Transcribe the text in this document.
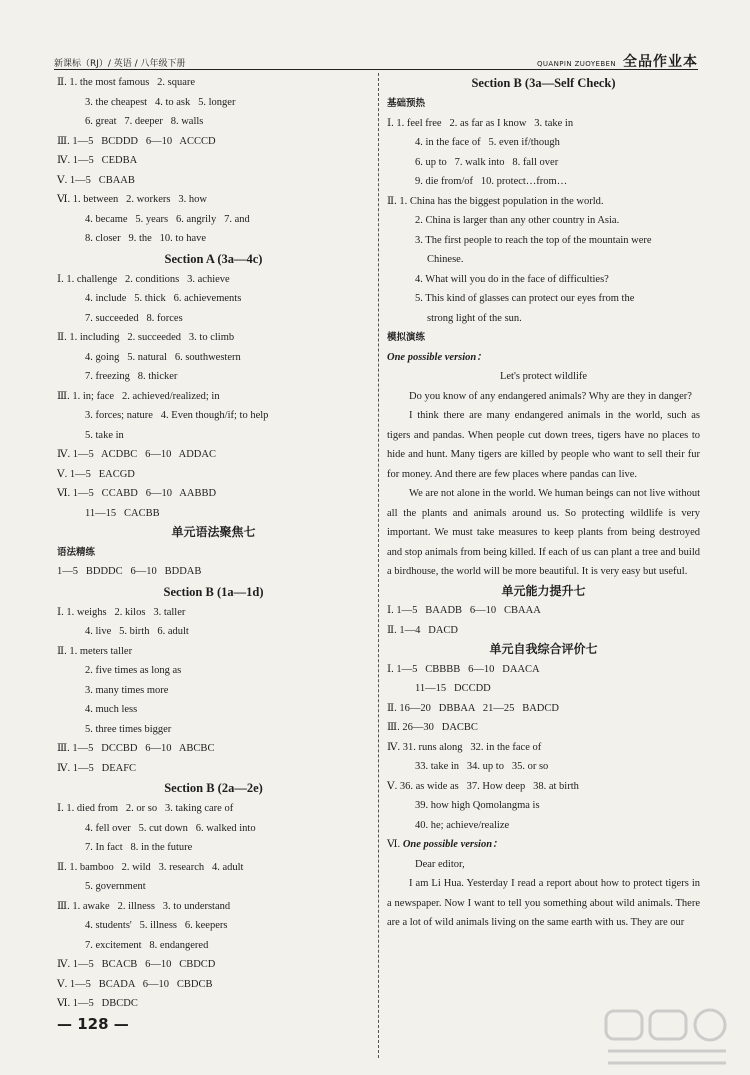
新课标（RJ）/ 英语 / 八年级下册	QUANPIN ZUOYEBEN 全品作业本
Ⅱ. 1. the most famous   2. square
3. the cheapest   4. to ask   5. longer
6. great   7. deeper   8. walls
Ⅲ. 1—5   BCDDD   6—10   ACCCD
Ⅳ. 1—5   CEDBA
Ⅴ. 1—5   CBAAB
Ⅵ. 1. between   2. workers   3. how
4. became   5. years   6. angrily   7. and
8. closer   9. the   10. to have
Section A (3a—4c)
Ⅰ. 1. challenge   2. conditions   3. achieve
4. include   5. thick   6. achievements
7. succeeded   8. forces
Ⅱ. 1. including   2. succeeded   3. to climb
4. going   5. natural   6. southwestern
7. freezing   8. thicker
Ⅲ. 1. in; face   2. achieved/realized; in
3. forces; nature   4. Even though/if; to help
5. take in
Ⅳ. 1—5   ACDBC   6—10   ADDAC
Ⅴ. 1—5   EACGD
Ⅵ. 1—5   CCABD   6—10   AABBD
11—15   CACBB
单元语法聚焦七
语法精练
1—5   BDDDC   6—10   BDDAB
Section B (1a—1d)
Ⅰ. 1. weighs   2. kilos   3. taller
4. live   5. birth   6. adult
Ⅱ. 1. meters taller
2. five times as long as
3. many times more
4. much less
5. three times bigger
Ⅲ. 1—5   DCCBD   6—10   ABCBC
Ⅳ. 1—5   DEAFC
Section B (2a—2e)
Ⅰ. 1. died from   2. or so   3. taking care of
4. fell over   5. cut down   6. walked into
7. In fact   8. in the future
Ⅱ. 1. bamboo   2. wild   3. research   4. adult
5. government
Ⅲ. 1. awake   2. illness   3. to understand
4. students'   5. illness   6. keepers
7. excitement   8. endangered
Ⅳ. 1—5   BCACB   6—10   CBDCD
Ⅴ. 1—5   BCADA   6—10   CBDCB
Ⅵ. 1—5   DBCDC
Section B (3a—Self Check)
基础预热
Ⅰ. 1. feel free   2. as far as I know   3. take in
4. in the face of   5. even if/though
6. up to   7. walk into   8. fall over
9. die from/of   10. protect…from…
Ⅱ. 1. China has the biggest population in the world.
2. China is larger than any other country in Asia.
3. The first people to reach the top of the mountain were
Chinese.
4. What will you do in the face of difficulties?
5. This kind of glasses can protect our eyes from the
strong light of the sun.
模拟演练
One possible version：
Let's protect wildlife
Do you know of any endangered animals? Why are they in danger?
I think there are many endangered animals in the world, such as tigers and pandas. When people cut down trees, tigers have no places to hide and hunt. Many tigers are killed by people who want to sell their fur for money. And there are few places where pandas can live.
We are not alone in the world. We human beings can not live without all the plants and animals around us. So protecting wildlife is very important. We must take measures to keep plants from being destroyed and stop animals from being killed. If each of us can plant a tree and build a birdhouse, the world will be more beautiful. It is very easy but useful.
单元能力提升七
Ⅰ. 1—5   BAADB   6—10   CBAAA
Ⅱ. 1—4   DACD
单元自我综合评价七
Ⅰ. 1—5   CBBBB   6—10   DAACA
11—15   DCCDD
Ⅱ. 16—20   DBBAA   21—25   BADCD
Ⅲ. 26—30   DACBC
Ⅳ. 31. runs along   32. in the face of
33. take in   34. up to   35. or so
Ⅴ. 36. as wide as   37. How deep   38. at birth
39. how high Qomolangma is
40. he; achieve/realize
Ⅵ. One possible version：
Dear editor,
I am Li Hua. Yesterday I read a report about how to protect tigers in a newspaper. Now I want to tell you something about wild animals. There are a lot of wild animals living on the same earth with us. They are our
— 128 —
